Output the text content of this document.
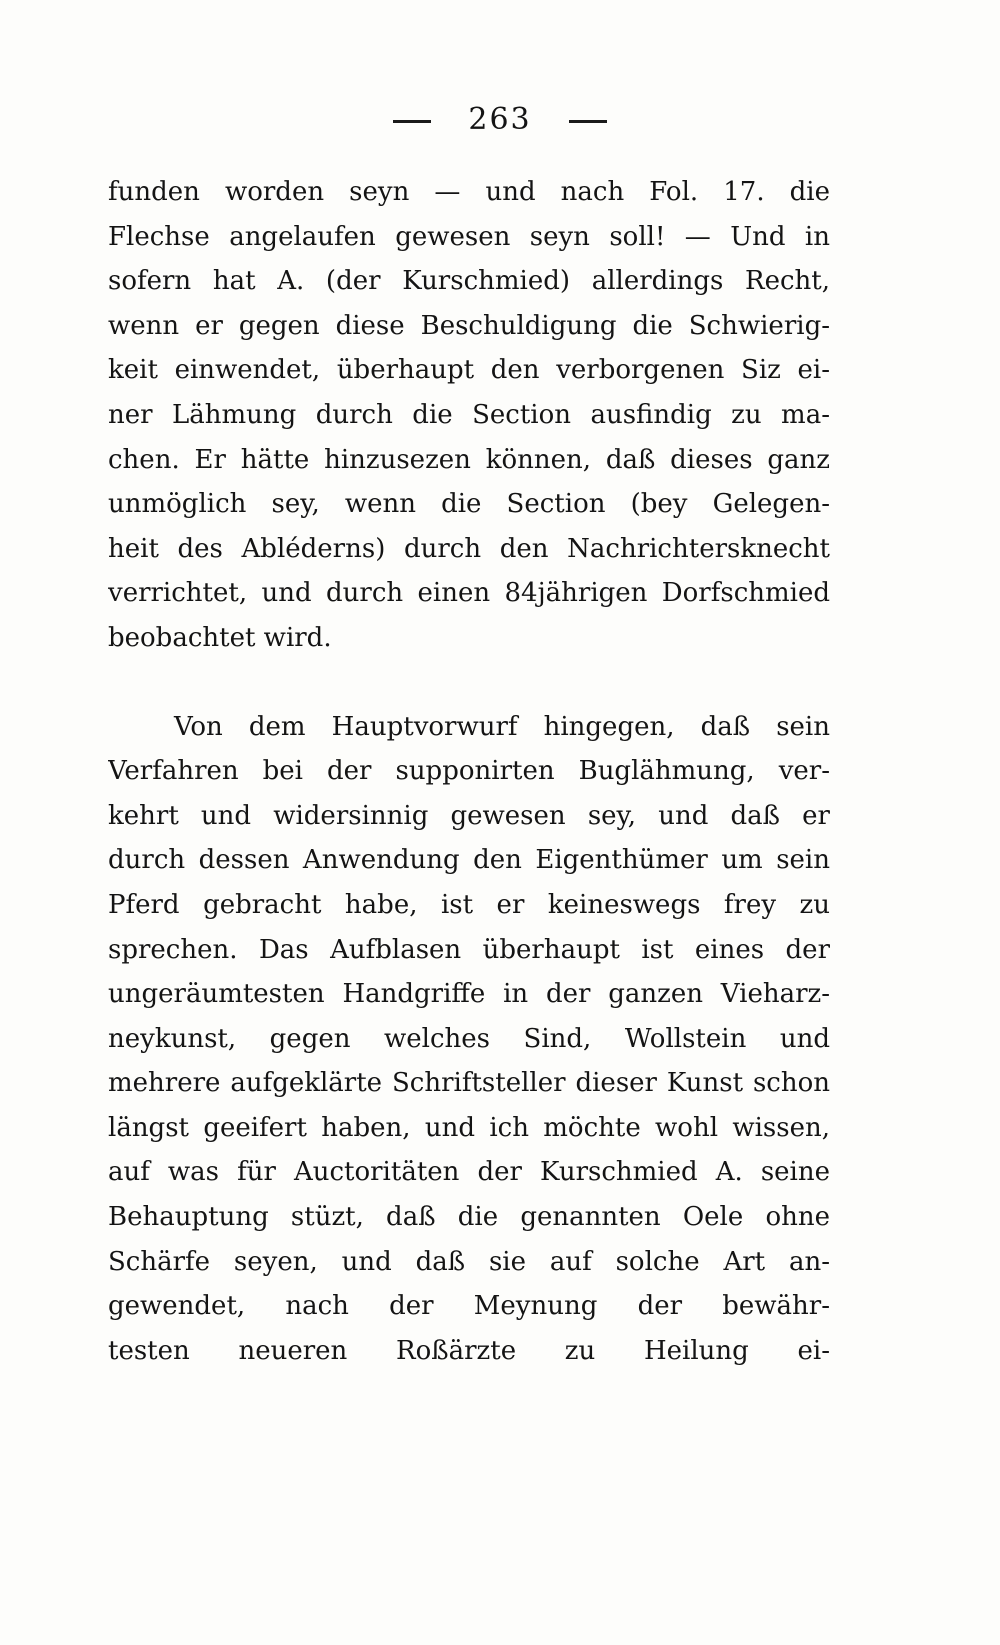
263
funden worden seyn — und nach Fol. 17. die
Flechse angelaufen gewesen seyn soll! — Und in
sofern hat A. (der Kurschmied) allerdings Recht,
wenn er gegen diese Beschuldigung die Schwierig-
keit einwendet, überhaupt den verborgenen Siz ei-
ner Lähmung durch die Section ausfindig zu ma-
chen. Er hätte hinzusezen können, daß dieses ganz
unmöglich sey, wenn die Section (bey Gelegen-
heit des Abléderns) durch den Nachrichtersknecht
verrichtet, und durch einen 84jährigen Dorfschmied
beobachtet wird.
Von dem Hauptvorwurf hingegen, daß sein
Verfahren bei der supponirten Buglähmung, ver-
kehrt und widersinnig gewesen sey, und daß er
durch dessen Anwendung den Eigenthümer um sein
Pferd gebracht habe, ist er keineswegs frey zu
sprechen. Das Aufblasen überhaupt ist eines der
ungeräumtesten Handgriffe in der ganzen Vieharz-
neykunst, gegen welches Sind, Wollstein und
mehrere aufgeklärte Schriftsteller dieser Kunst schon
längst geeifert haben, und ich möchte wohl wissen,
auf was für Auctoritäten der Kurschmied A. seine
Behauptung stüzt, daß die genannten Oele ohne
Schärfe seyen, und daß sie auf solche Art an-
gewendet, nach der Meynung der bewähr-
testen neueren Roßärzte zu Heilung ei-
